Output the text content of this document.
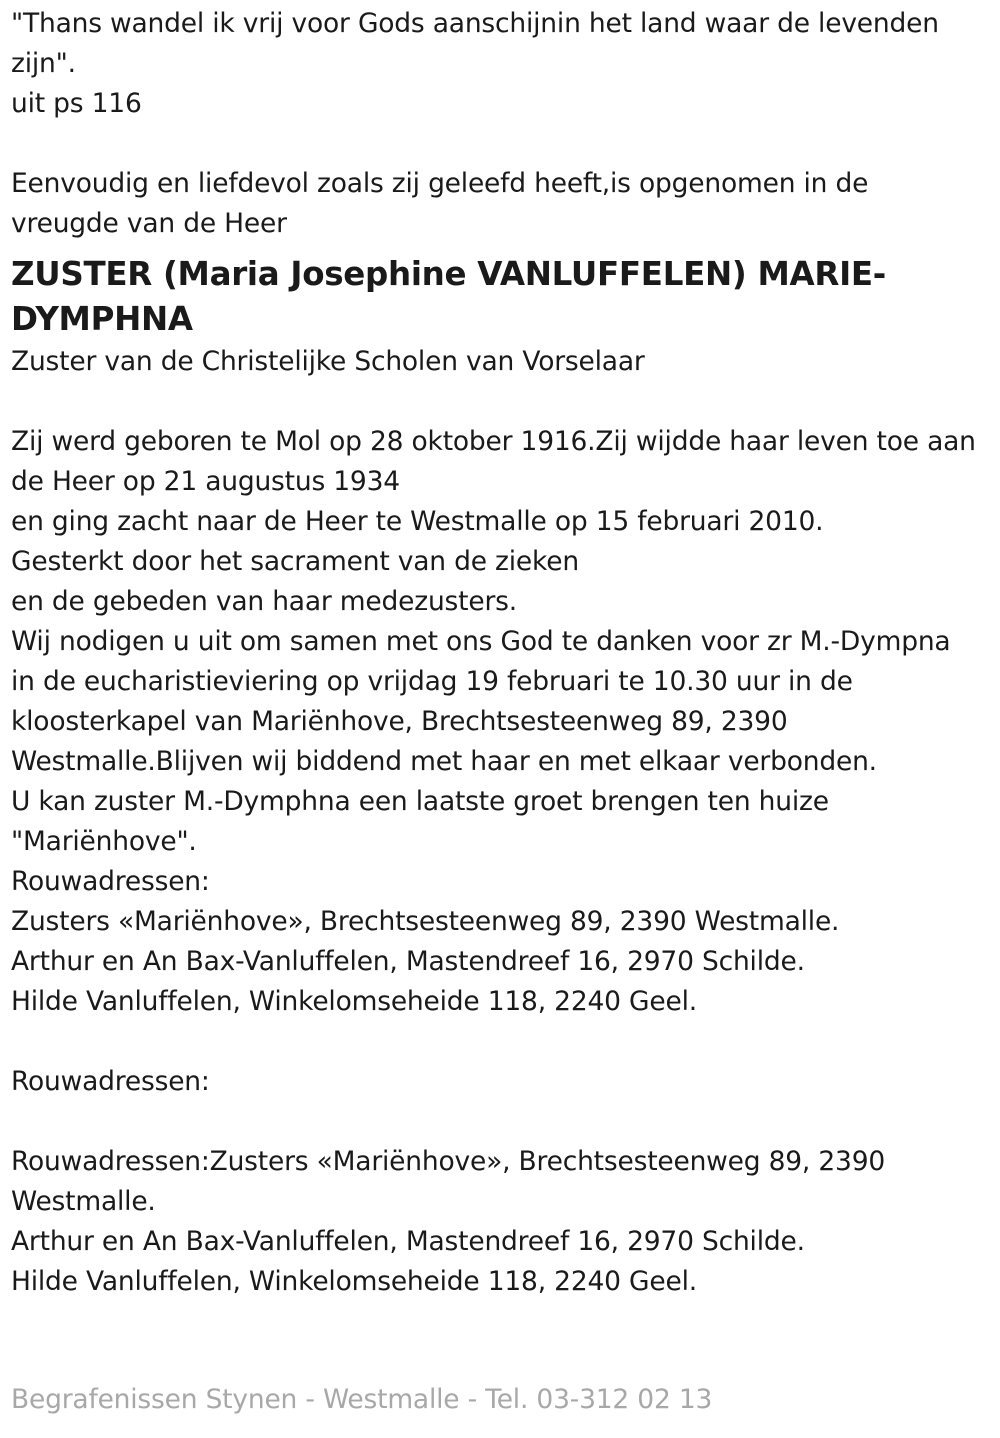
"Thans wandel ik vrij voor Gods aanschijnin het land waar de levenden

zijn".

uit ps 116

Eenvoudig en liefdevol zoals zij geleefd heeft,is opgenomen in de

vreugde van de Heer

ZUSTER (Maria Josephine VANLUFFELEN) MARIE-
DYMPHNA

Zuster van de Christelijke Scholen van Vorselaar

Zij werd geboren te Mol op 28 oktober 1916.Zij wijdde haar leven toe aan

de Heer op 21 augustus 1934

en ging zacht naar de Heer te Westmalle op 15 februari 2010.

Gesterkt door het sacrament van de zieken

en de gebeden van haar medezusters.

Wij nodigen u uit om samen met ons God te danken voor zr M.-Dympna

in de eucharistieviering op vrijdag 19 februari te 10.30 uur in de

kloosterkapel van Mariënhove, Brechtsesteenweg 89, 2390

Westmalle.Blijven wij biddend met haar en met elkaar verbonden.

U kan zuster M.-Dymphna een laatste groet brengen ten huize

"Mariënhove".

Rouwadressen:

Zusters «Mariënhove», Brechtsesteenweg 89, 2390 Westmalle.

Arthur en An Bax-Vanluffelen, Mastendreef 16, 2970 Schilde.

Hilde Vanluffelen, Winkelomseheide 118, 2240 Geel.

Rouwadressen:

Rouwadressen:Zusters «Mariënhove», Brechtsesteenweg 89, 2390

Westmalle.

Arthur en An Bax-Vanluffelen, Mastendreef 16, 2970 Schilde.

Hilde Vanluffelen, Winkelomseheide 118, 2240 Geel.

Begrafenissen Stynen - Westmalle - Tel. 03-312 02 13
